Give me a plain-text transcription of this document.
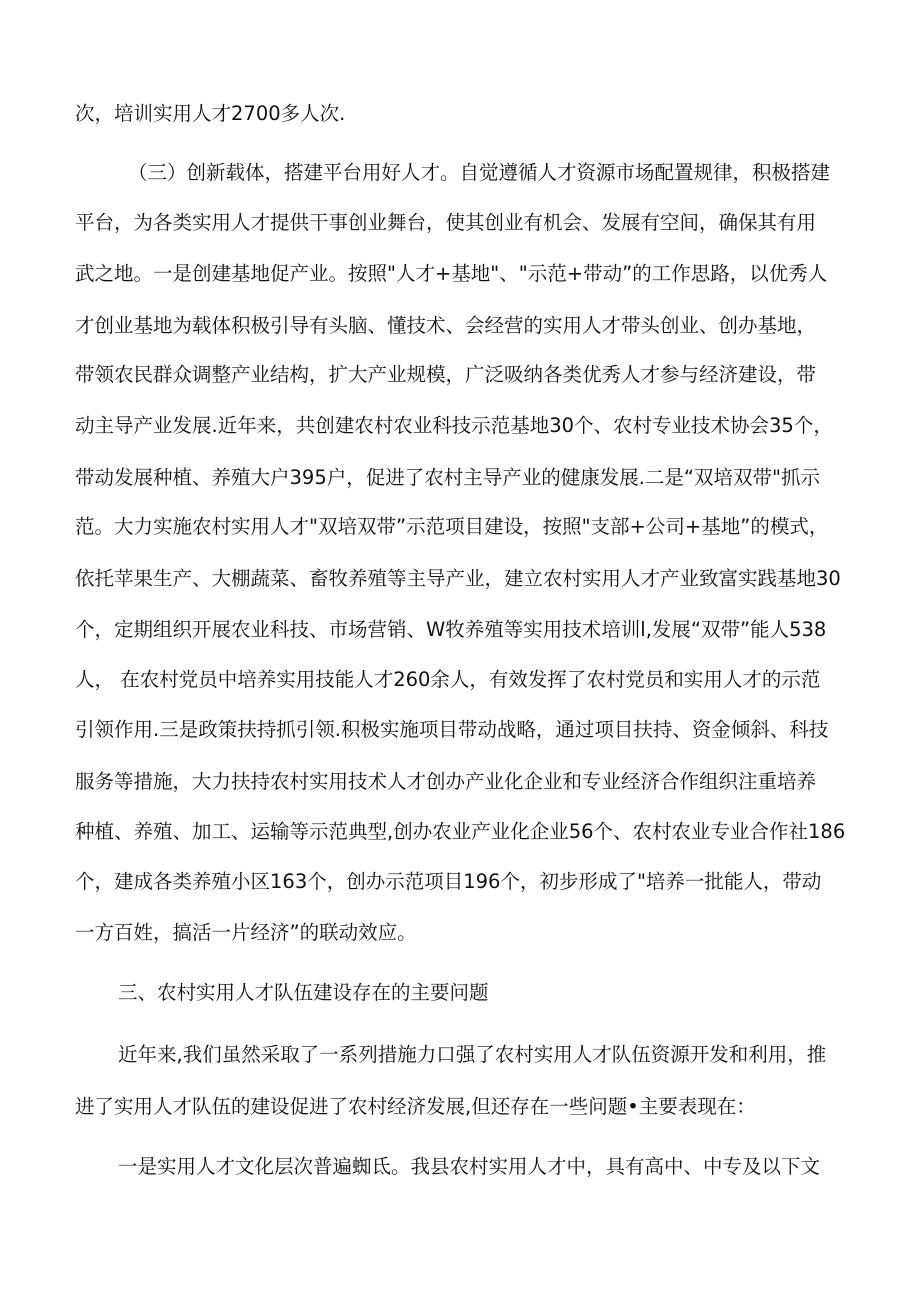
次，培训实用人才2700多人次.
（三）创新载体，搭建平台用好人才。自觉遵循人才资源市场配置规律，积极搭建
平台，为各类实用人才提供干事创业舞台，使其创业有机会、发展有空间，确保其有用
武之地。一是创建基地促产业。按照"人才+基地"、"示范+带动”的工作思路，以优秀人
才创业基地为载体积极引导有头脑、懂技术、会经营的实用人才带头创业、创办基地，
带领农民群众调整产业结构，扩大产业规模，广泛吸纳各类优秀人才参与经济建设，带
动主导产业发展.近年来，共创建农村农业科技示范基地30个、农村专业技术协会35个，
带动发展种植、养殖大户395户，促进了农村主导产业的健康发展.二是“双培双带"抓示
范。大力实施农村实用人才"双培双带”示范项目建设，按照"支部+公司+基地”的模式，
依托苹果生产、大棚蔬菜、畜牧养殖等主导产业，建立农村实用人才产业致富实践基地30
个，定期组织开展农业科技、市场营销、W牧养殖等实用技术培训l,发展“双带”能人538
人， 在农村党员中培养实用技能人才260余人，有效发挥了农村党员和实用人才的示范
引领作用.三是政策扶持抓引领.积极实施项目带动战略，通过项目扶持、资金倾斜、科技
服务等措施，大力扶持农村实用技术人才创办产业化企业和专业经济合作组织注重培养
种植、养殖、加工、运输等示范典型,创办农业产业化企业56个、农村农业专业合作社186
个，建成各类养殖小区163个，创办示范项目196个，初步形成了"培养一批能人，带动
一方百姓，搞活一片经济”的联动效应。
三、农村实用人才队伍建设存在的主要问题
近年来,我们虽然采取了一系列措施力口强了农村实用人才队伍资源开发和利用，推
进了实用人才队伍的建设促进了农村经济发展,但还存在一些问题•主要表现在：
一是实用人才文化层次普遍蜘氐。我县农村实用人才中，具有高中、中专及以下文
